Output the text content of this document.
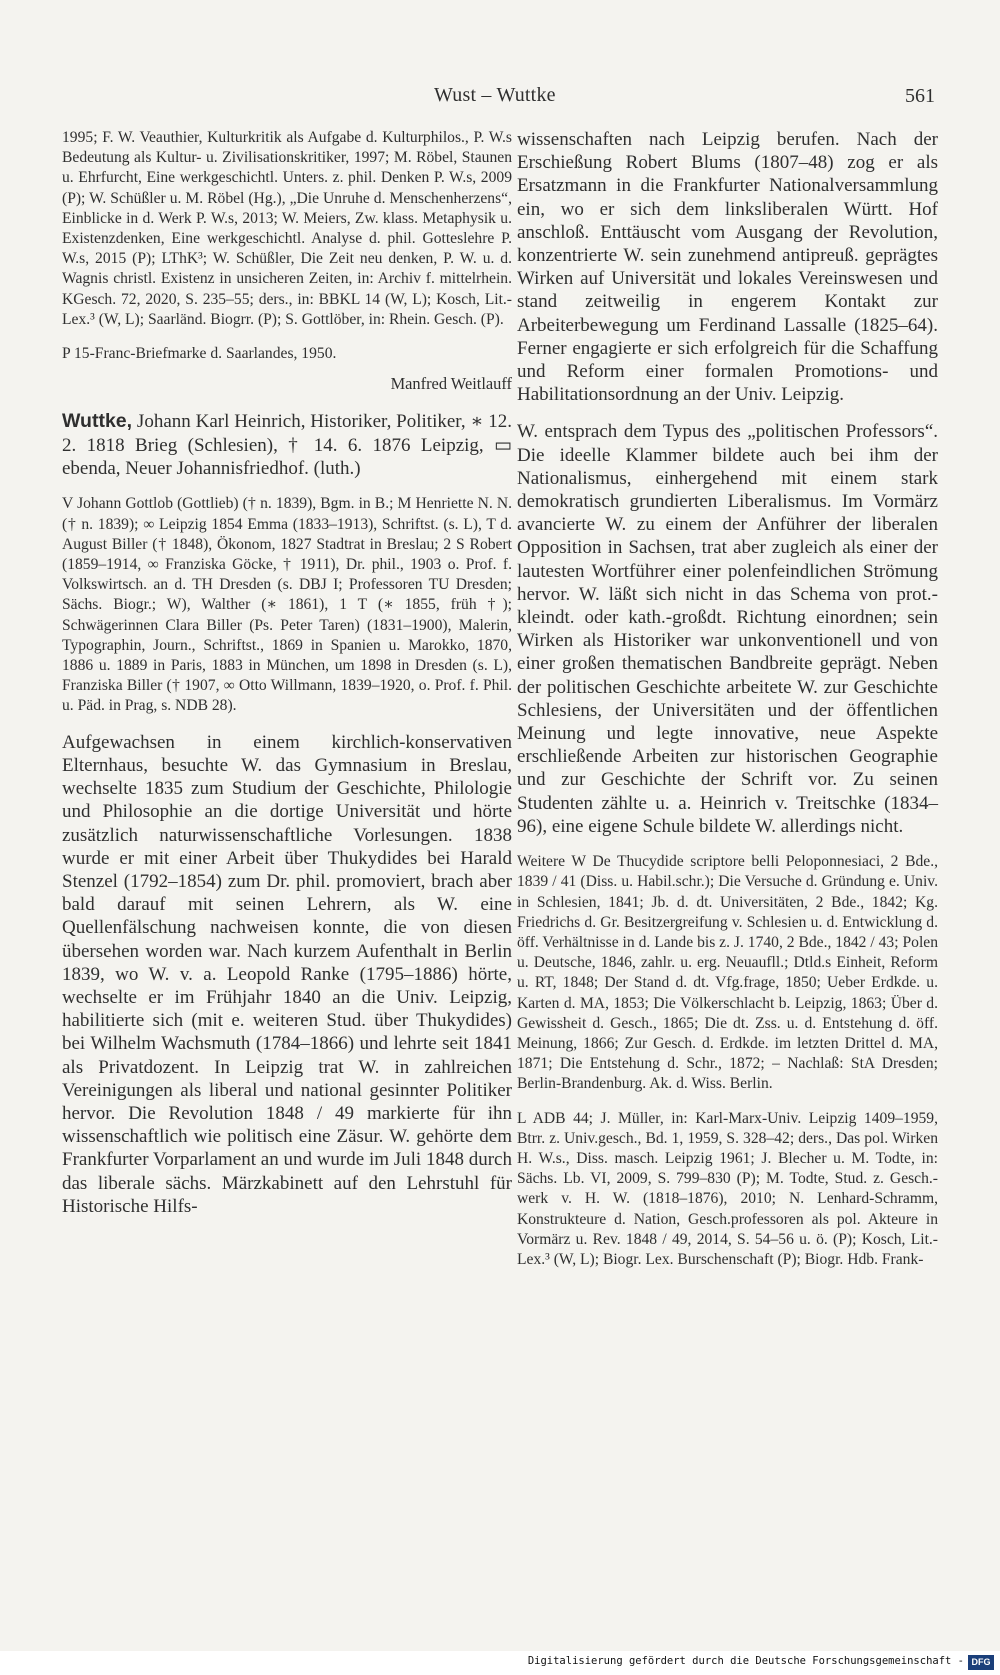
Wust – Wuttke	561

1995; F. W. Veauthier, Kulturkritik als Aufgabe d. Kulturphilos., P. W.s Bedeutung als Kultur- u. Zivilisationskritiker, 1997; M. Röbel, Staunen u. Ehrfurcht, Eine werkgeschichtl. Unters. z. phil. Denken P. W.s, 2009 (P); W. Schüßler u. M. Röbel (Hg.), „Die Unruhe d. Menschenherzens“, Einblicke in d. Werk P. W.s, 2013; W. Meiers, Zw. klass. Metaphysik u. Existenzdenken, Eine werkgeschichtl. Analyse d. phil. Gotteslehre P. W.s, 2015 (P); LThK³; W. Schüßler, Die Zeit neu denken, P. W. u. d. Wagnis christl. Existenz in unsicheren Zeiten, in: Archiv f. mittelrhein. KGesch. 72, 2020, S. 235–55; ders., in: BBKL 14 (W, L); Kosch, Lit.-Lex.³ (W, L); Saarländ. Biogrr. (P); S. Gottlöber, in: Rhein. Gesch. (P).

P 15-Franc-Briefmarke d. Saarlandes, 1950.

Manfred Weitlauff

Wuttke, Johann Karl Heinrich, Historiker, Politiker, ∗ 12. 2. 1818 Brieg (Schlesien), † 14. 6. 1876 Leipzig, ▭ ebenda, Neuer Johannisfriedhof. (luth.)

V Johann Gottlob (Gottlieb) († n. 1839), Bgm. in B.; M Henriette N. N. († n. 1839); ∞ Leipzig 1854 Emma (1833–1913), Schriftst. (s. L), T d. August Biller († 1848), Ökonom, 1827 Stadtrat in Breslau; 2 S Robert (1859–1914, ∞ Franziska Göcke, † 1911), Dr. phil., 1903 o. Prof. f. Volkswirtsch. an d. TH Dresden (s. DBJ I; Professoren TU Dresden; Sächs. Biogr.; W), Walther (∗ 1861), 1 T (∗ 1855, früh †); Schwägerinnen Clara Biller (Ps. Peter Taren) (1831–1900), Malerin, Typographin, Journ., Schriftst., 1869 in Spanien u. Marokko, 1870, 1886 u. 1889 in Paris, 1883 in München, um 1898 in Dresden (s. L), Franziska Biller († 1907, ∞ Otto Willmann, 1839–1920, o. Prof. f. Phil. u. Päd. in Prag, s. NDB 28).

Aufgewachsen in einem kirchlich-konservativen Elternhaus, besuchte W. das Gymnasium in Breslau, wechselte 1835 zum Studium der Geschichte, Philologie und Philosophie an die dortige Universität und hörte zusätzlich naturwissenschaftliche Vorlesungen. 1838 wurde er mit einer Arbeit über Thukydides bei Harald Stenzel (1792–1854) zum Dr. phil. promoviert, brach aber bald darauf mit seinen Lehrern, als W. eine Quellenfälschung nachweisen konnte, die von diesen übersehen worden war. Nach kurzem Aufenthalt in Berlin 1839, wo W. v. a. Leopold Ranke (1795–1886) hörte, wechselte er im Frühjahr 1840 an die Univ. Leipzig, habilitierte sich (mit e. weiteren Stud. über Thukydides) bei Wilhelm Wachsmuth (1784–1866) und lehrte seit 1841 als Privatdozent. In Leipzig trat W. in zahlreichen Vereinigungen als liberal und national gesinnter Politiker hervor. Die Revolution 1848 / 49 markierte für ihn wissenschaftlich wie politisch eine Zäsur. W. gehörte dem Frankfurter Vorparlament an und wurde im Juli 1848 durch das liberale sächs. Märzkabinett auf den Lehrstuhl für Historische Hilfs-

wissenschaften nach Leipzig berufen. Nach der Erschießung Robert Blums (1807–48) zog er als Ersatzmann in die Frankfurter Nationalversammlung ein, wo er sich dem linksliberalen Württ. Hof anschloß. Enttäuscht vom Ausgang der Revolution, konzentrierte W. sein zunehmend antipreuß. geprägtes Wirken auf Universität und lokales Vereinswesen und stand zeitweilig in engerem Kontakt zur Arbeiterbewegung um Ferdinand Lassalle (1825–64). Ferner engagierte er sich erfolgreich für die Schaffung und Reform einer formalen Promotions- und Habilitationsordnung an der Univ. Leipzig.

W. entsprach dem Typus des „politischen Professors“. Die ideelle Klammer bildete auch bei ihm der Nationalismus, einhergehend mit einem stark demokratisch grundierten Liberalismus. Im Vormärz avancierte W. zu einem der Anführer der liberalen Opposition in Sachsen, trat aber zugleich als einer der lautesten Wortführer einer polenfeindlichen Strömung hervor. W. läßt sich nicht in das Schema von prot.-kleindt. oder kath.-großdt. Richtung einordnen; sein Wirken als Historiker war unkonventionell und von einer großen thematischen Bandbreite geprägt. Neben der politischen Geschichte arbeitete W. zur Geschichte Schlesiens, der Universitäten und der öffentlichen Meinung und legte innovative, neue Aspekte erschließende Arbeiten zur historischen Geographie und zur Geschichte der Schrift vor. Zu seinen Studenten zählte u. a. Heinrich v. Treitschke (1834–96), eine eigene Schule bildete W. allerdings nicht.

Weitere W De Thucydide scriptore belli Peloponnesiaci, 2 Bde., 1839 / 41 (Diss. u. Habil.schr.); Die Versuche d. Gründung e. Univ. in Schlesien, 1841; Jb. d. dt. Universitäten, 2 Bde., 1842; Kg. Friedrichs d. Gr. Besitzergreifung v. Schlesien u. d. Entwicklung d. öff. Verhältnisse in d. Lande bis z. J. 1740, 2 Bde., 1842 / 43; Polen u. Deutsche, 1846, zahlr. u. erg. Neuaufll.; Dtld.s Einheit, Reform u. RT, 1848; Der Stand d. dt. Vfg.frage, 1850; Ueber Erdkde. u. Karten d. MA, 1853; Die Völkerschlacht b. Leipzig, 1863; Über d. Gewissheit d. Gesch., 1865; Die dt. Zss. u. d. Entstehung d. öff. Meinung, 1866; Zur Gesch. d. Erdkde. im letzten Drittel d. MA, 1871; Die Entstehung d. Schr., 1872; – Nachlaß: StA Dresden; Berlin-Brandenburg. Ak. d. Wiss. Berlin.

L ADB 44; J. Müller, in: Karl-Marx-Univ. Leipzig 1409–1959, Btrr. z. Univ.gesch., Bd. 1, 1959, S. 328–42; ders., Das pol. Wirken H. W.s., Diss. masch. Leipzig 1961; J. Blecher u. M. Todte, in: Sächs. Lb. VI, 2009, S. 799–830 (P); M. Todte, Stud. z. Gesch.-werk v. H. W. (1818–1876), 2010; N. Lenhard-Schramm, Konstrukteure d. Nation, Gesch.professoren als pol. Akteure in Vormärz u. Rev. 1848 / 49, 2014, S. 54–56 u. ö. (P); Kosch, Lit.-Lex.³ (W, L); Biogr. Lex. Burschenschaft (P); Biogr. Hdb. Frank-

Digitalisierung gefördert durch die Deutsche Forschungsgemeinschaft - DFG
